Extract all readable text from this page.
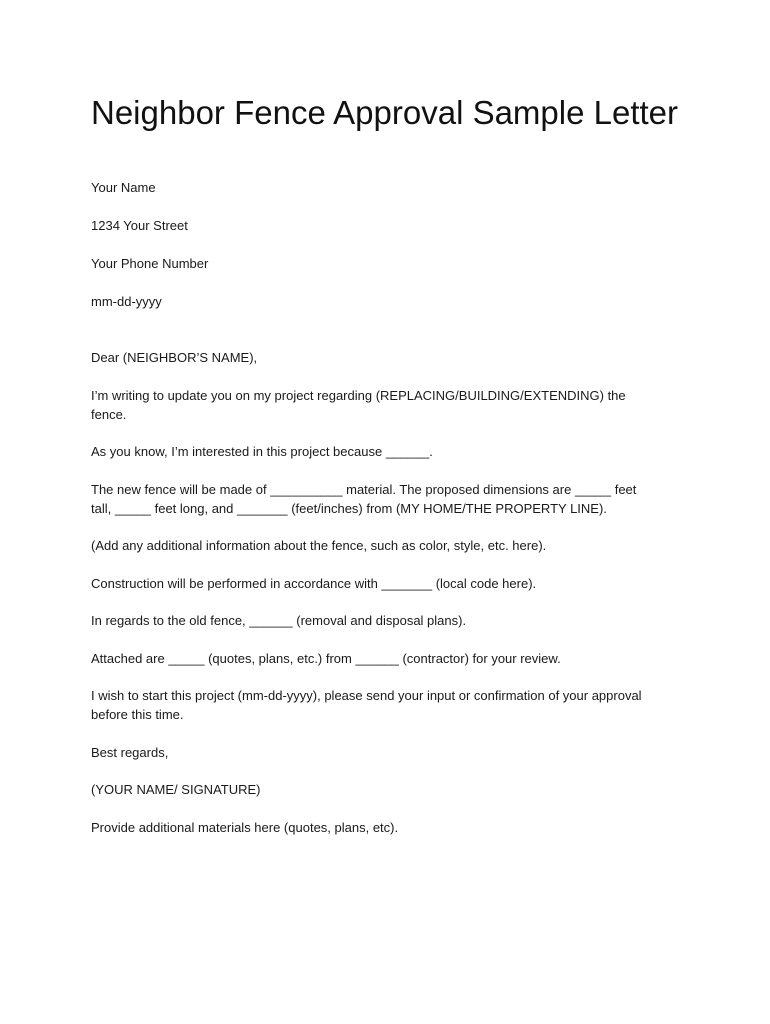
Neighbor Fence Approval Sample Letter

Your Name

1234 Your Street

Your Phone Number

mm-dd-yyyy

Dear (NEIGHBOR’S NAME),

I’m writing to update you on my project regarding (REPLACING/BUILDING/EXTENDING) the
fence.

As you know, I’m interested in this project because ______.

The new fence will be made of __________ material. The proposed dimensions are _____ feet
tall, _____ feet long, and _______ (feet/inches) from (MY HOME/THE PROPERTY LINE).

(Add any additional information about the fence, such as color, style, etc. here).

Construction will be performed in accordance with _______ (local code here).

In regards to the old fence, ______ (removal and disposal plans).

Attached are _____ (quotes, plans, etc.) from ______ (contractor) for your review.

I wish to start this project (mm-dd-yyyy), please send your input or confirmation of your approval
before this time.

Best regards,

(YOUR NAME/ SIGNATURE)

Provide additional materials here (quotes, plans, etc).
